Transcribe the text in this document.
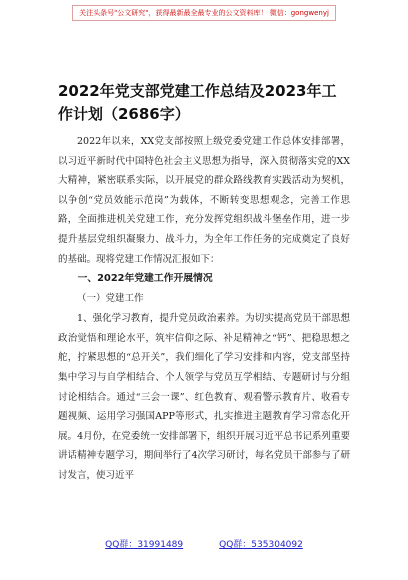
关注头条号"公文研究"，获得最新最全最专业的公文资料库！ 微信：gongwenyj
2022年党支部党建工作总结及2023年工作计划（2686字）

2022年以来，XX党支部按照上级党委党建工作总体安排部署，以习近平新时代中国特色社会主义思想为指导，深入贯彻落实党的XX大精神，紧密联系实际，以开展党的群众路线教育实践活动为契机，以争创“党员效能示范岗”为载体，不断转变思想观念，完善工作思路，全面推进机关党建工作，充分发挥党组织战斗堡垒作用，进一步提升基层党组织凝聚力、战斗力，为全年工作任务的完成奠定了良好的基础。现将党建工作情况汇报如下：

一、2022年党建工作开展情况

（一）党建工作

1、强化学习教育，提升党员政治素养。为切实提高党员干部思想政治觉悟和理论水平，筑牢信仰之际、补足精神之“钙”、把稳思想之舵，拧紧思想的“总开关”，我们细化了学习安排和内容，党支部坚持集中学习与自学相结合、个人领学与党员互学相结、专题研讨与分组讨论相结合。通过“三会一课”、红色教育、观看警示教育片、收看专题视频、运用学习强国APP等形式，扎实推进主题教育学习常态化开展。4月份，在党委统一安排部署下，组织开展习近平总书记系列重要讲话精神专题学习，期间举行了4次学习研讨，每名党员干部参与了研讨发言，使习近平

QQ群：31991489	QQ群：535304092
